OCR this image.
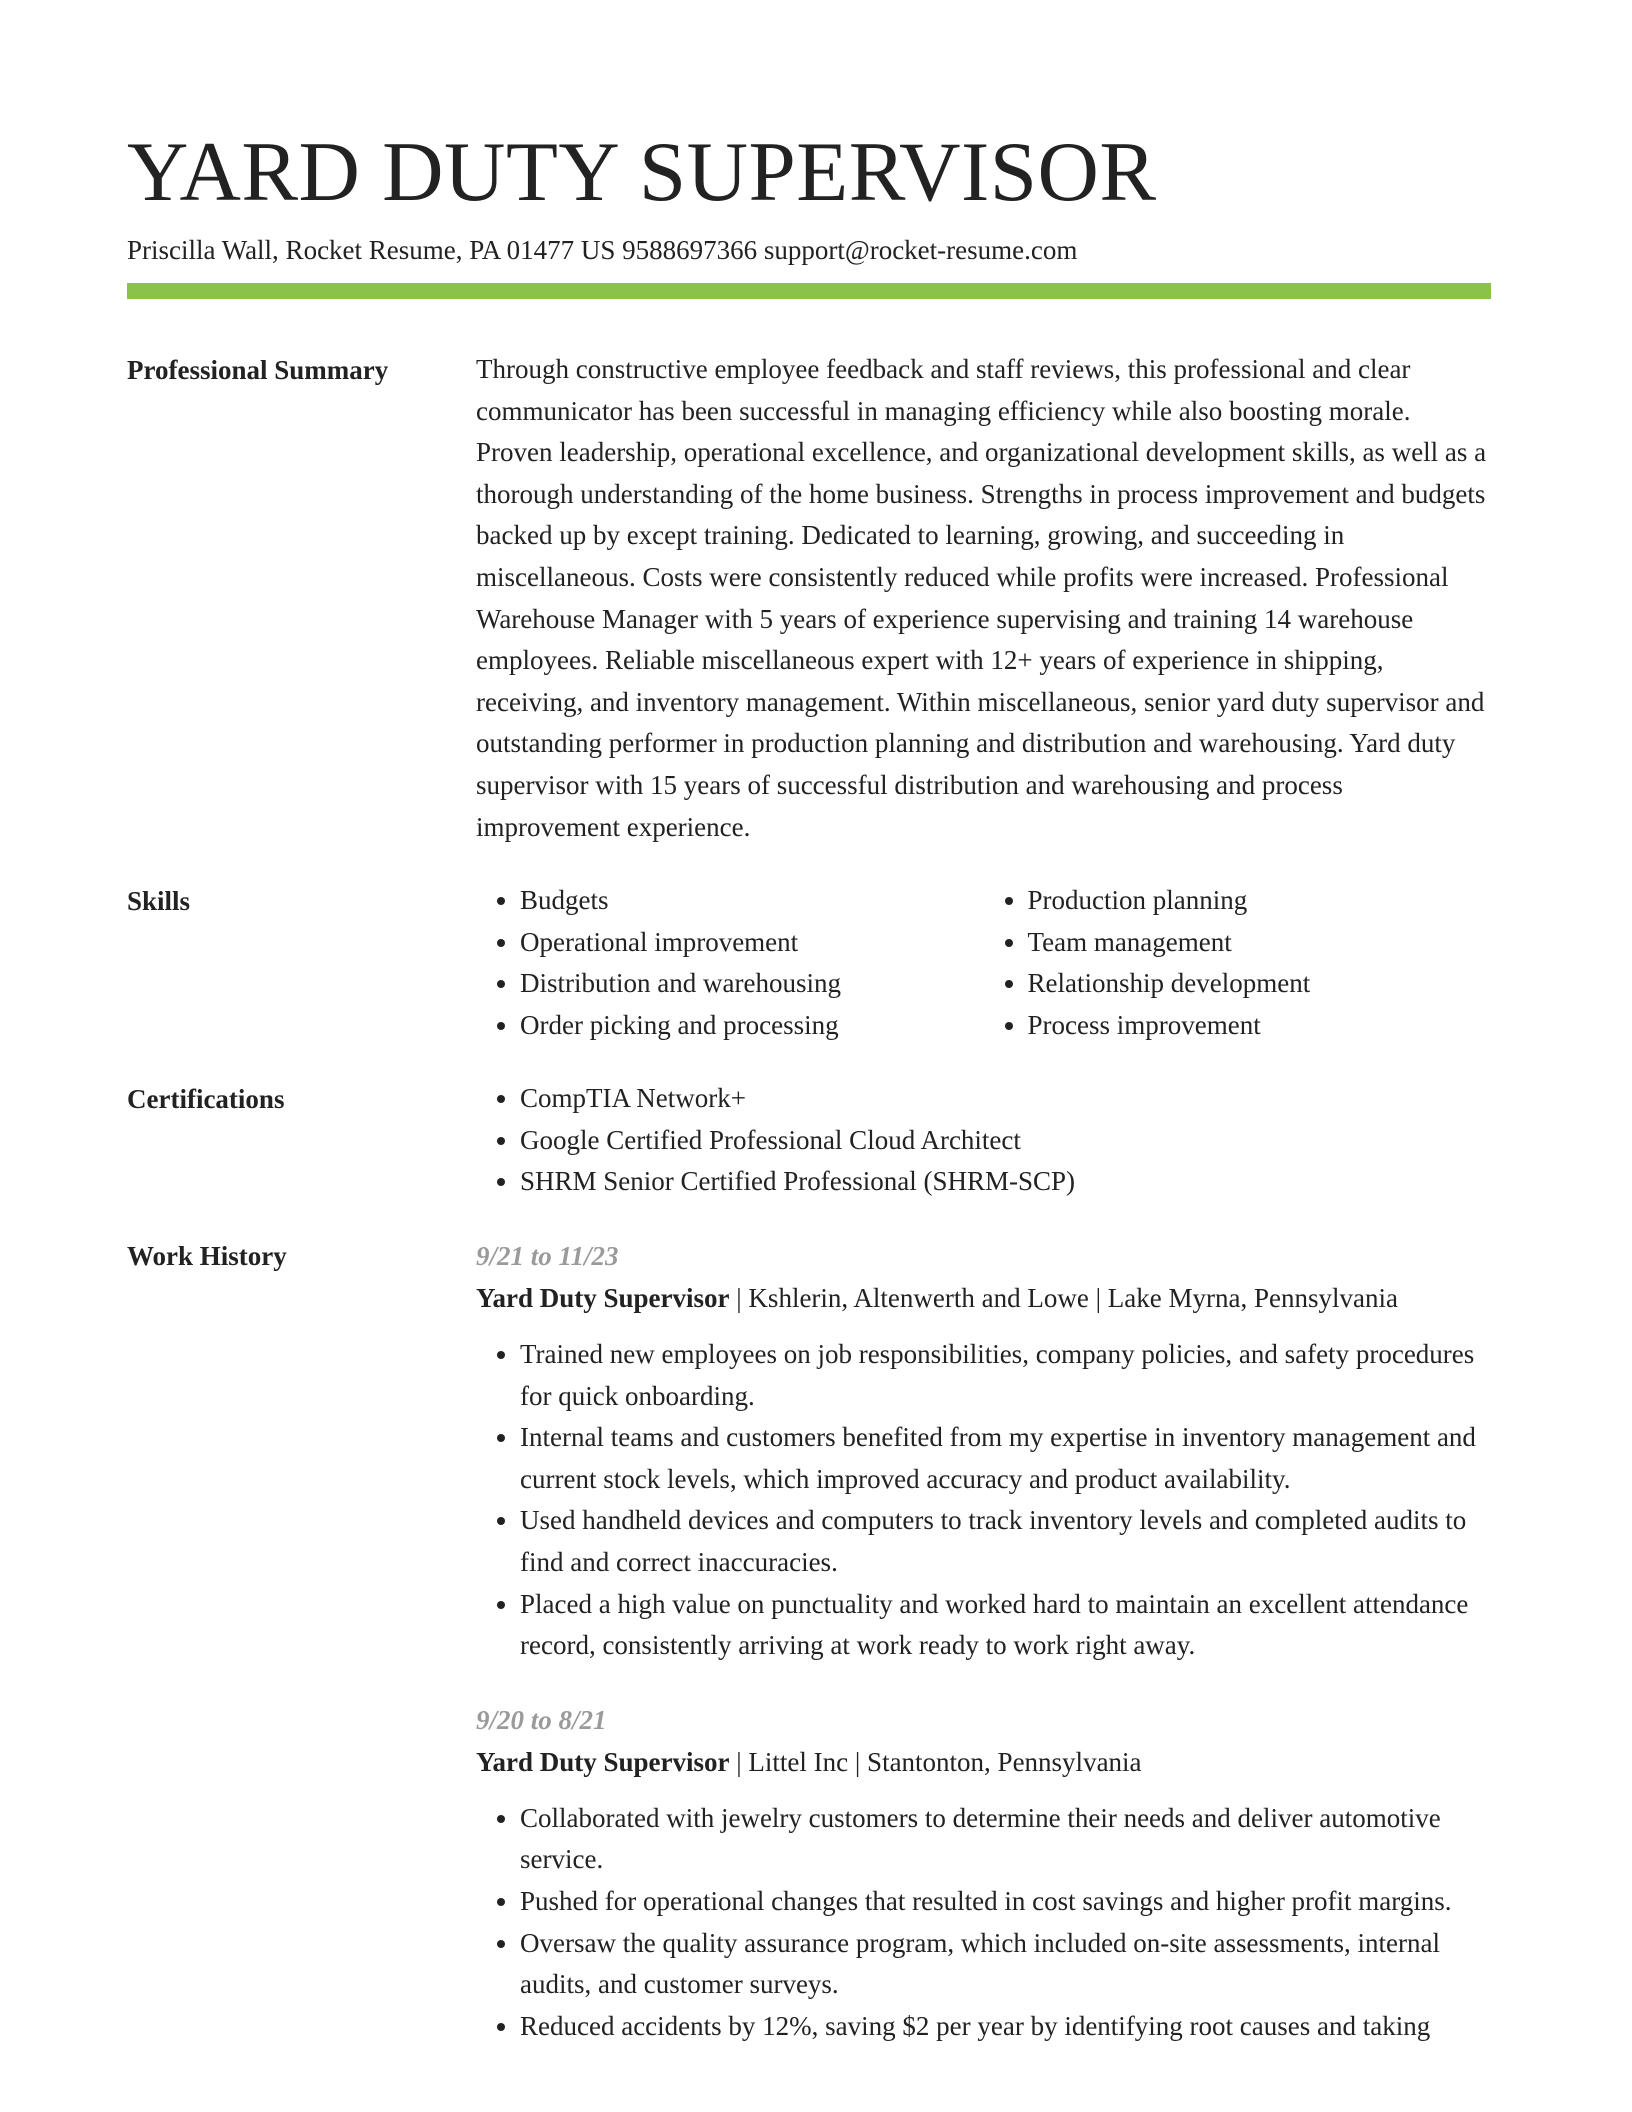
YARD DUTY SUPERVISOR
Priscilla Wall, Rocket Resume, PA 01477 US 9588697366 support@rocket-resume.com
Professional Summary	Through constructive employee feedback and staff reviews, this professional and clear communicator has been successful in managing efficiency while also boosting morale. Proven leadership, operational excellence, and organizational development skills, as well as a thorough understanding of the home business. Strengths in process improvement and budgets backed up by except training. Dedicated to learning, growing, and succeeding in miscellaneous. Costs were consistently reduced while profits were increased. Professional Warehouse Manager with 5 years of experience supervising and training 14 warehouse employees. Reliable miscellaneous expert with 12+ years of experience in shipping, receiving, and inventory management. Within miscellaneous, senior yard duty supervisor and outstanding performer in production planning and distribution and warehousing. Yard duty supervisor with 15 years of successful distribution and warehousing and process improvement experience.

Skills	• Budgets
• Operational improvement
• Distribution and warehousing
• Order picking and processing
• Production planning
• Team management
• Relationship development
• Process improvement
Certifications	• CompTIA Network+
• Google Certified Professional Cloud Architect
• SHRM Senior Certified Professional (SHRM-SCP)
Work History	9/21 to 11/23
Yard Duty Supervisor | Kshlerin, Altenwerth and Lowe | Lake Myrna, Pennsylvania
• Trained new employees on job responsibilities, company policies, and safety procedures for quick onboarding.
• Internal teams and customers benefited from my expertise in inventory management and current stock levels, which improved accuracy and product availability.
• Used handheld devices and computers to track inventory levels and completed audits to find and correct inaccuracies.
• Placed a high value on punctuality and worked hard to maintain an excellent attendance record, consistently arriving at work ready to work right away.
9/20 to 8/21
Yard Duty Supervisor | Littel Inc | Stantonton, Pennsylvania
• Collaborated with jewelry customers to determine their needs and deliver automotive service.
• Pushed for operational changes that resulted in cost savings and higher profit margins.
• Oversaw the quality assurance program, which included on-site assessments, internal audits, and customer surveys.
• Reduced accidents by 12%, saving $2 per year by identifying root causes and taking
